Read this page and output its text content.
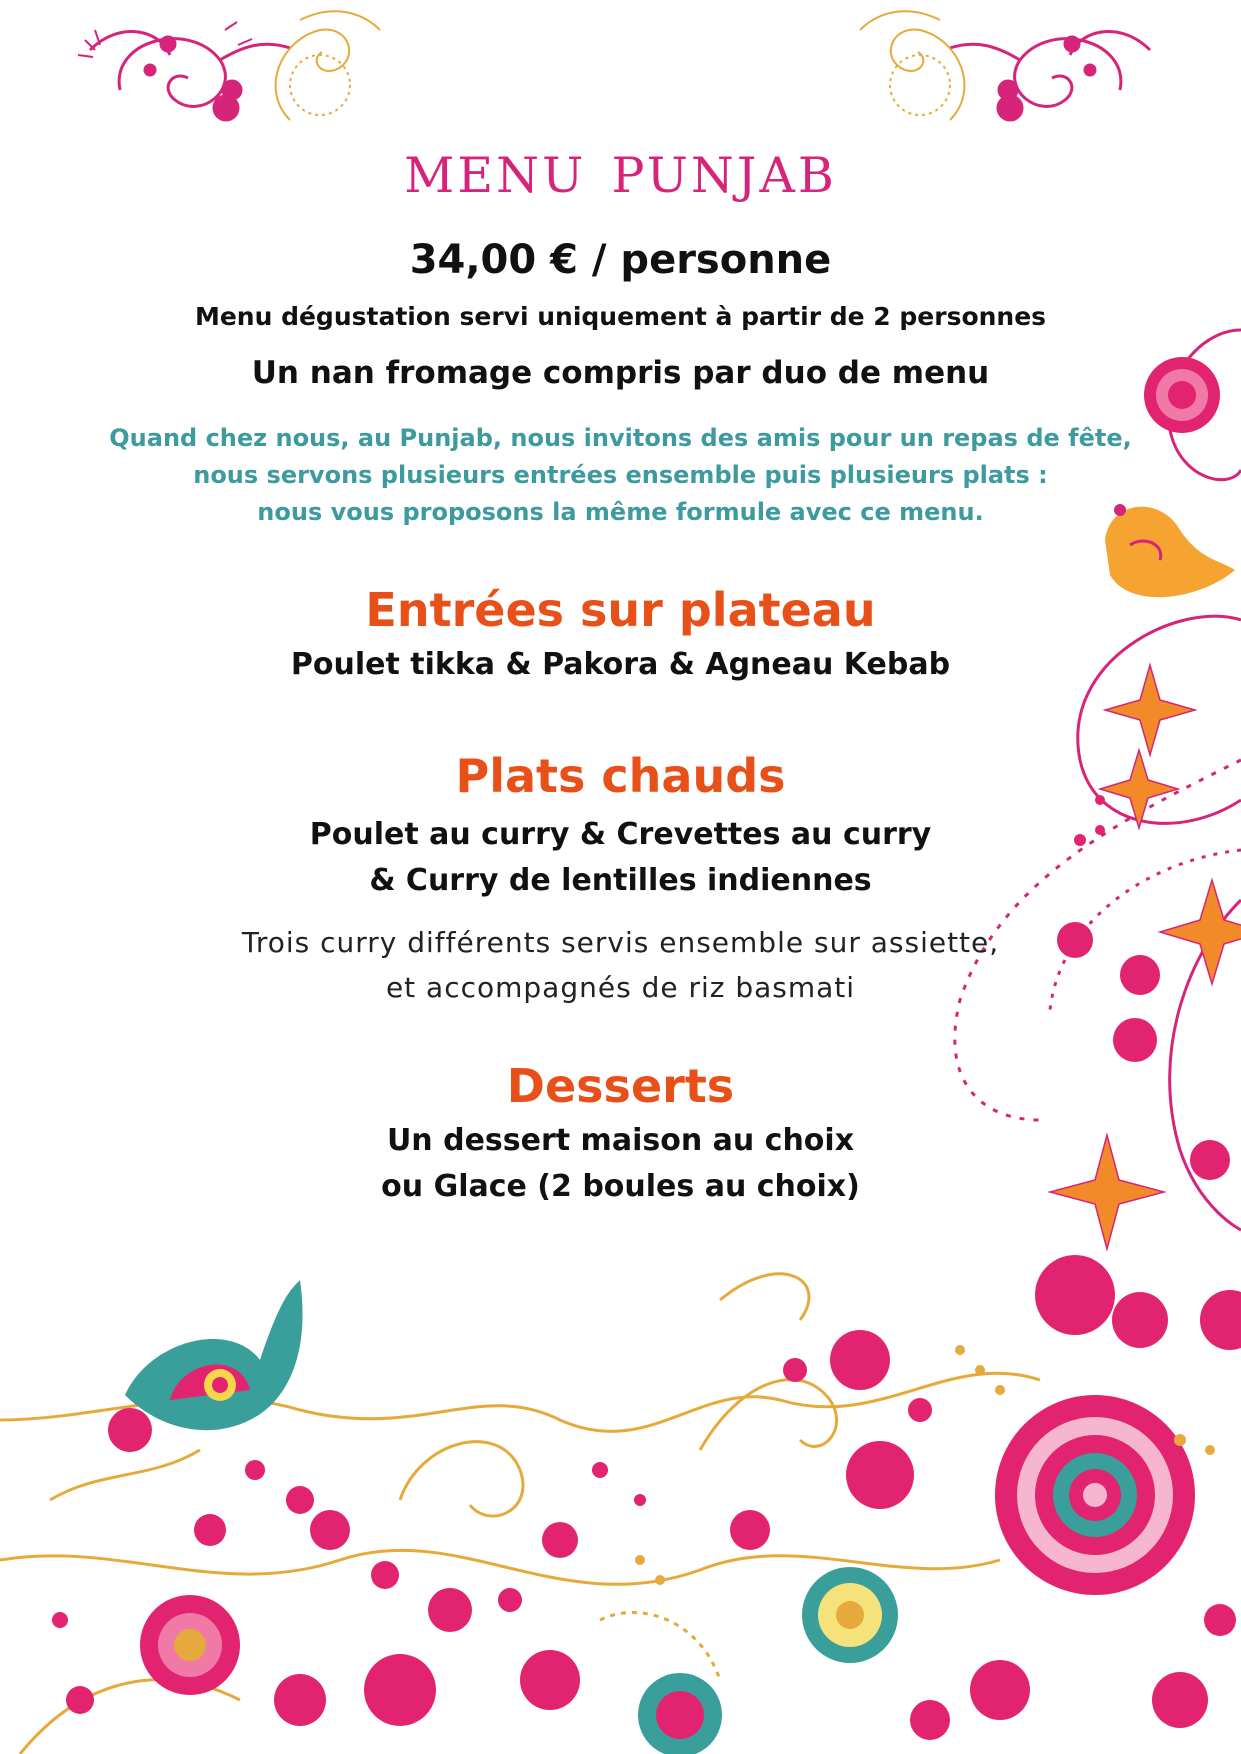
menu punjab
34,00 € / personne
Menu dégustation servi uniquement à partir de 2 personnes
Un nan fromage compris par duo de menu
Quand chez nous, au Punjab, nous invitons des amis pour un repas de fête,
nous servons plusieurs entrées ensemble puis plusieurs plats :
nous vous proposons la même formule avec ce menu.
Entrées sur plateau
Poulet tikka & Pakora & Agneau Kebab
Plats chauds
Poulet au curry & Crevettes au curry
& Curry de lentilles indiennes
Trois curry différents servis ensemble sur assiette,
et accompagnés de riz basmati
Desserts
Un dessert maison au choix
ou Glace (2 boules au choix)
